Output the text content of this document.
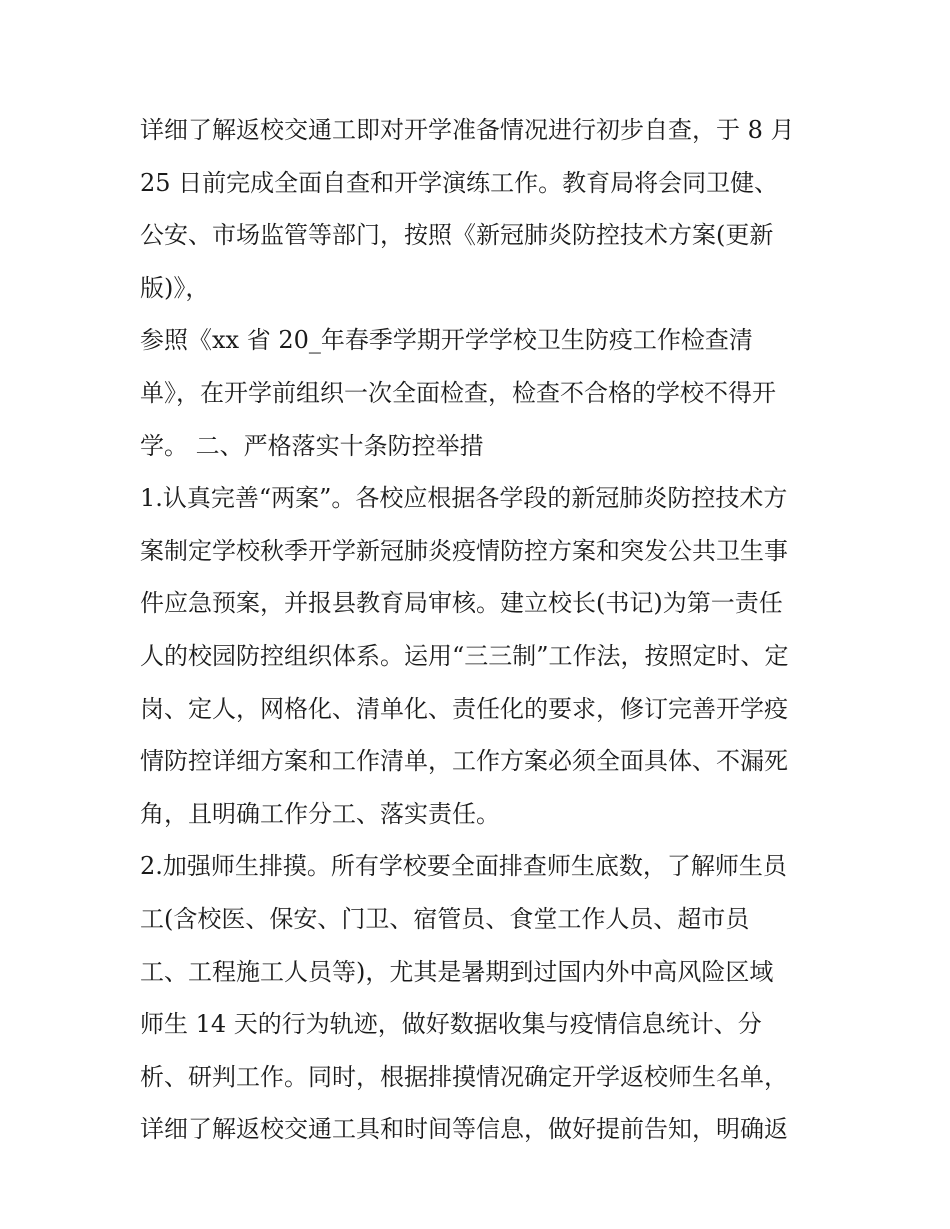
详细了解返校交通工即对开学准备情况进行初步自查，于 8 月
25 日前完成全面自查和开学演练工作。教育局将会同卫健、
公安、市场监管等部门，按照《新冠肺炎防控技术方案(更新
版)》，
参照《xx 省 20_年春季学期开学学校卫生防疫工作检查清
单》，在开学前组织一次全面检查，检查不合格的学校不得开
学。 二、严格落实十条防控举措
1.认真完善“两案”。各校应根据各学段的新冠肺炎防控技术方
案制定学校秋季开学新冠肺炎疫情防控方案和突发公共卫生事
件应急预案，并报县教育局审核。建立校长(书记)为第一责任
人的校园防控组织体系。运用“三三制”工作法，按照定时、定
岗、定人，网格化、清单化、责任化的要求，修订完善开学疫
情防控详细方案和工作清单，工作方案必须全面具体、不漏死
角，且明确工作分工、落实责任。
2.加强师生排摸。所有学校要全面排查师生底数，了解师生员
工(含校医、保安、门卫、宿管员、食堂工作人员、超市员
工、工程施工人员等)，尤其是暑期到过国内外中高风险区域
师生 14 天的行为轨迹，做好数据收集与疫情信息统计、分
析、研判工作。同时，根据排摸情况确定开学返校师生名单，
详细了解返校交通工具和时间等信息，做好提前告知，明确返
